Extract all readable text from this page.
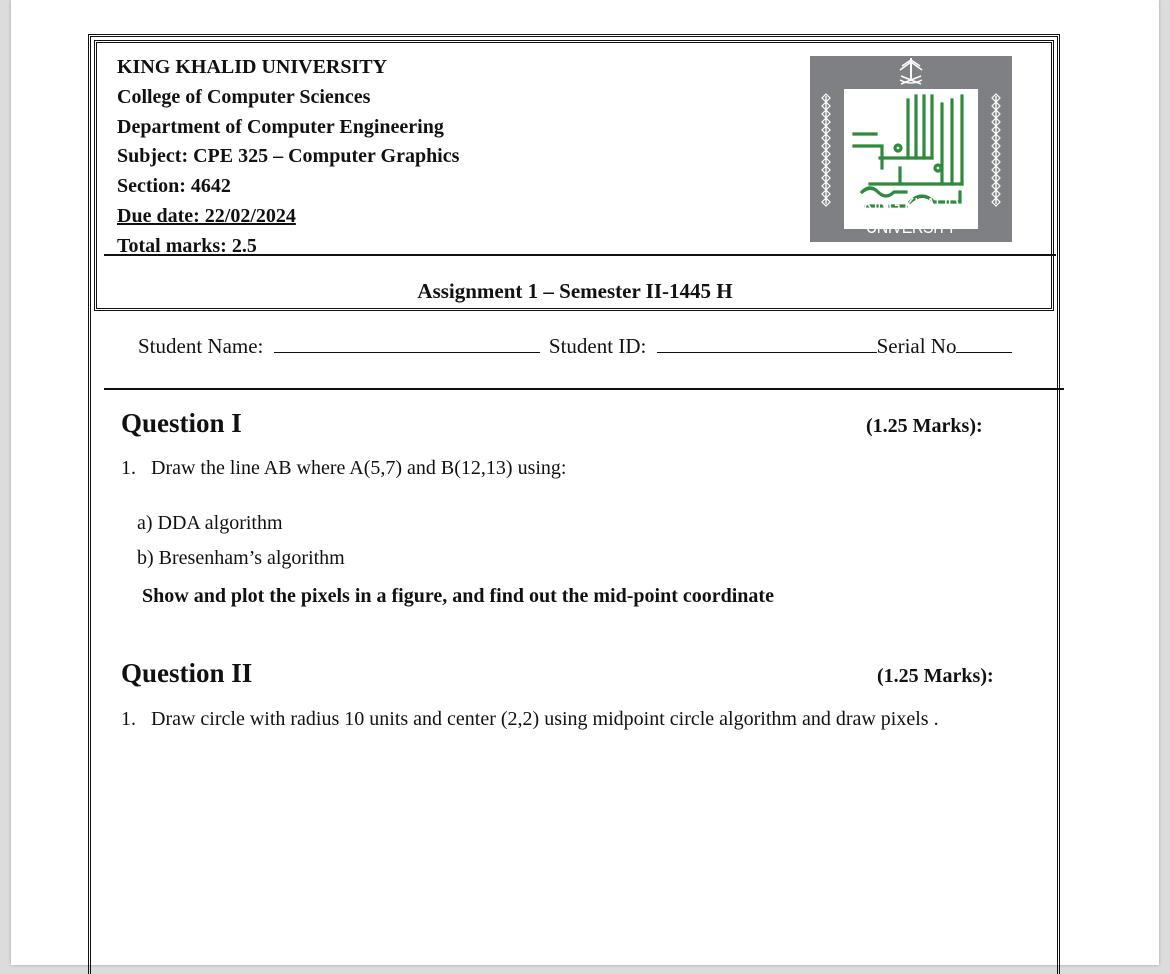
KING KHALID UNIVERSITY
College of Computer Sciences
Department of Computer Engineering
Subject: CPE 325 – Computer Graphics
Section: 4642
Due date: 22/02/2024
Total marks: 2.5
KING KHALID UNIVERSITY
Assignment 1 – Semester II-1445 H
Student Name:	Student ID:	Serial No
Question I	(1.25 Marks):
1. Draw the line AB where A(5,7) and B(12,13) using:
a) DDA algorithm
b) Bresenham’s algorithm
Show and plot the pixels in a figure, and find out the mid-point coordinate
Question II	(1.25 Marks):
1. Draw circle with radius 10 units and center (2,2) using midpoint circle algorithm and draw pixels .
